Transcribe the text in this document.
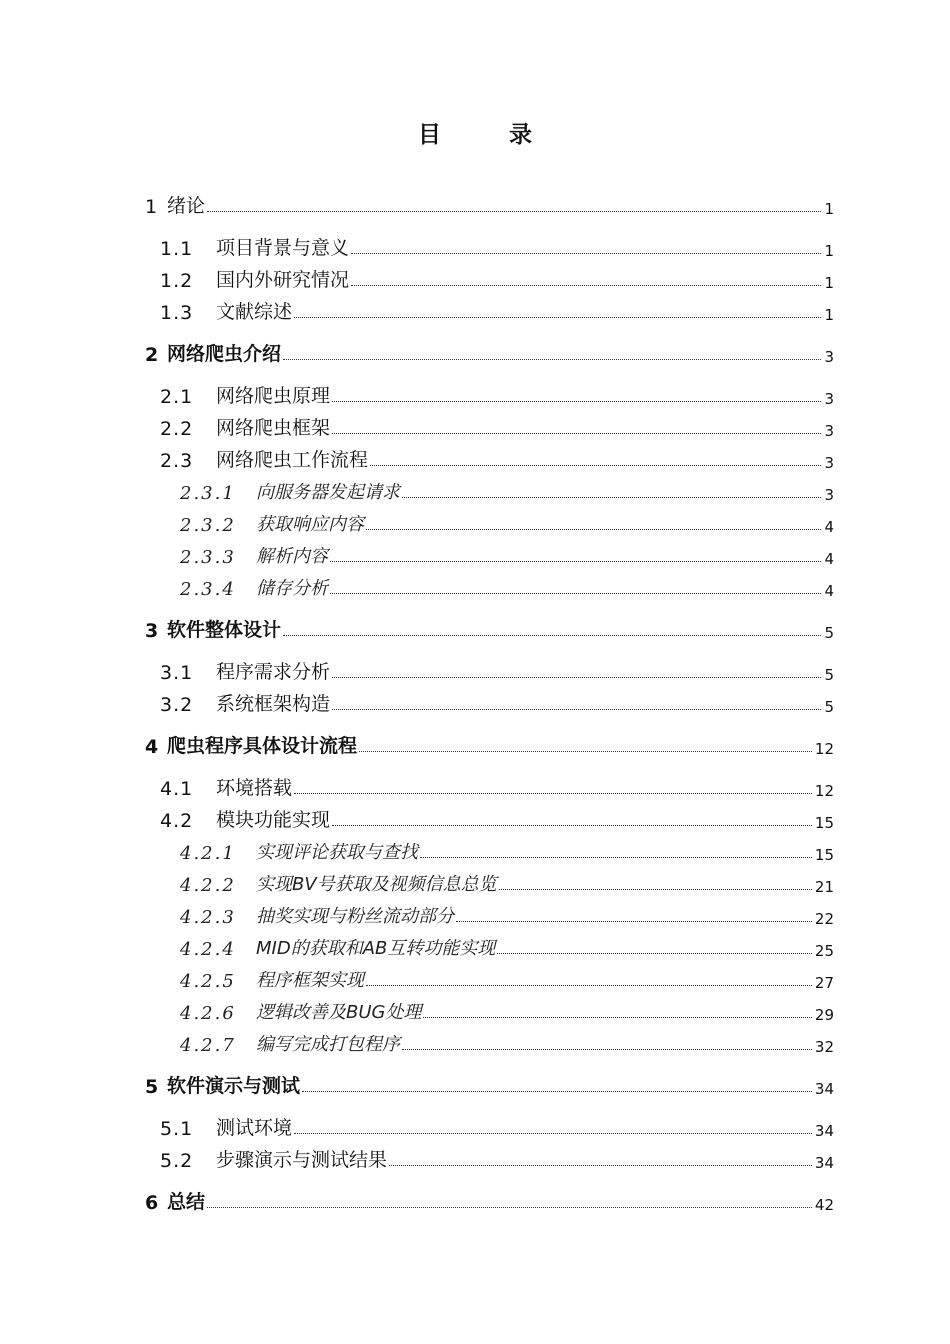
目 录
1 绪论	1
1.1	项目背景与意义	1
1.2	国内外研究情况	1
1.3	文献综述	1
2 网络爬虫介绍	3
2.1	网络爬虫原理	3
2.2	网络爬虫框架	3
2.3	网络爬虫工作流程	3
2.3.1	向服务器发起请求	3
2.3.2	获取响应内容	4
2.3.3	解析内容	4
2.3.4	储存分析	4
3 软件整体设计	5
3.1	程序需求分析	5
3.2	系统框架构造	5
4 爬虫程序具体设计流程	12
4.1	环境搭载	12
4.2	模块功能实现	15
4.2.1	实现评论获取与查找	15
4.2.2	实现BV号获取及视频信息总览	21
4.2.3	抽奖实现与粉丝流动部分	22
4.2.4	MID的获取和AB互转功能实现	25
4.2.5	程序框架实现	27
4.2.6	逻辑改善及BUG处理	29
4.2.7	编写完成打包程序	32
5 软件演示与测试	34
5.1	测试环境	34
5.2	步骤演示与测试结果	34
6 总结	42
